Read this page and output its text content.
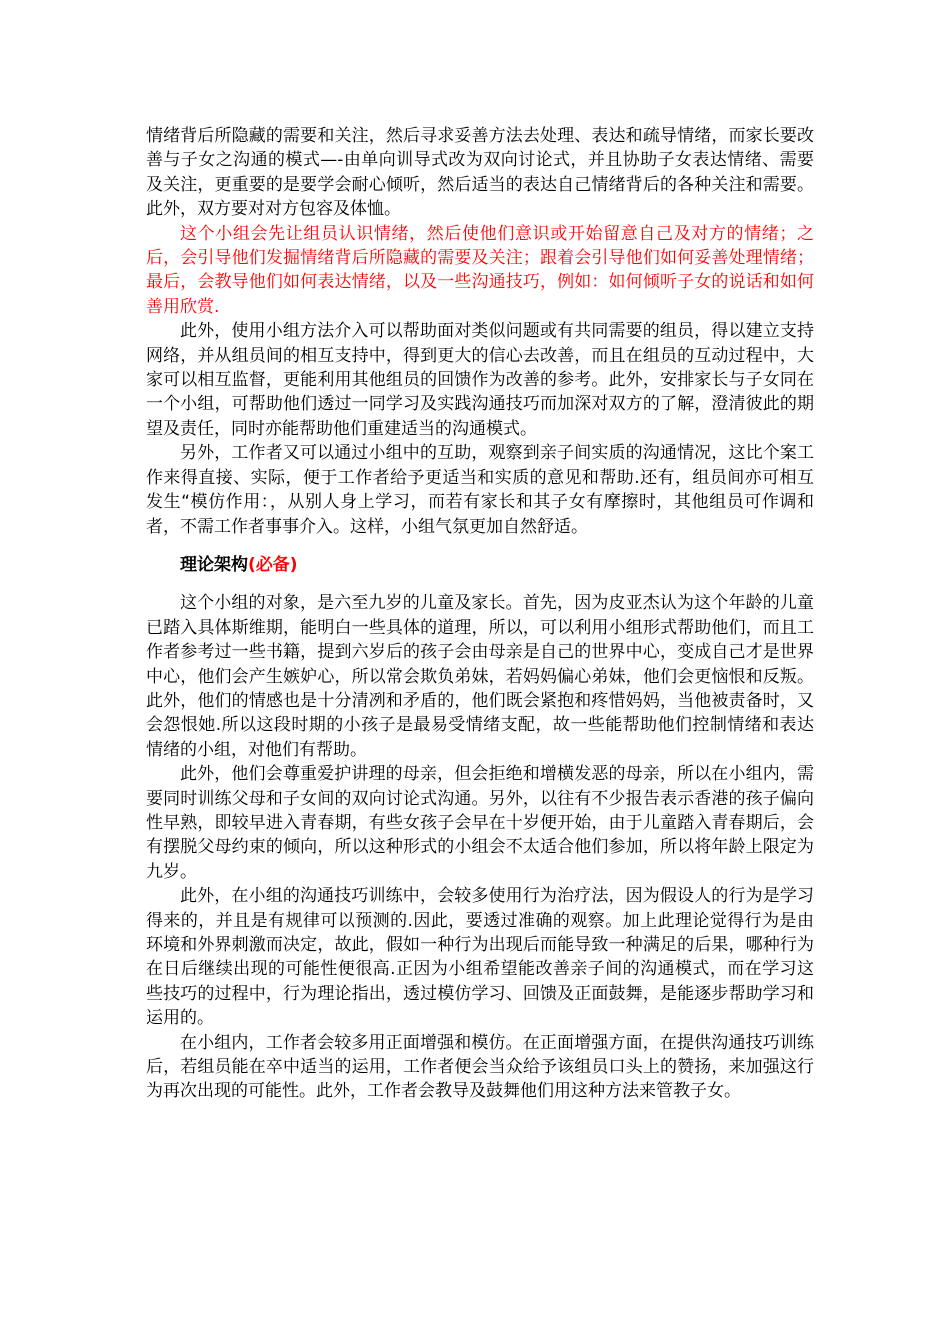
情绪背后所隐藏的需要和关注，然后寻求妥善方法去处理、表达和疏导情绪，而家长要改善与子女之沟通的模式—-由单向训导式改为双向讨论式，并且协助子女表达情绪、需要及关注，更重要的是要学会耐心倾听，然后适当的表达自己情绪背后的各种关注和需要。此外，双方要对对方包容及体恤。

这个小组会先让组员认识情绪，然后使他们意识或开始留意自己及对方的情绪；之后，会引导他们发掘情绪背后所隐藏的需要及关注；跟着会引导他们如何妥善处理情绪；最后，会教导他们如何表达情绪，以及一些沟通技巧，例如：如何倾听子女的说话和如何善用欣赏.

此外，使用小组方法介入可以帮助面对类似问题或有共同需要的组员，得以建立支持网络，并从组员间的相互支持中，得到更大的信心去改善，而且在组员的互动过程中，大家可以相互监督，更能利用其他组员的回馈作为改善的参考。此外，安排家长与子女同在一个小组，可帮助他们透过一同学习及实践沟通技巧而加深对双方的了解，澄清彼此的期望及责任，同时亦能帮助他们重建适当的沟通模式。

另外，工作者又可以通过小组中的互助，观察到亲子间实质的沟通情况，这比个案工作来得直接、实际，便于工作者给予更适当和实质的意见和帮助.还有，组员间亦可相互发生“模仿作用：，从别人身上学习，而若有家长和其子女有摩擦时，其他组员可作调和者，不需工作者事事介入。这样，小组气氛更加自然舒适。

理论架构(必备)

这个小组的对象，是六至九岁的儿童及家长。首先，因为皮亚杰认为这个年龄的儿童已踏入具体斯维期，能明白一些具体的道理，所以，可以利用小组形式帮助他们，而且工作者参考过一些书籍，提到六岁后的孩子会由母亲是自己的世界中心，变成自己才是世界中心，他们会产生嫉妒心，所以常会欺负弟妹，若妈妈偏心弟妹，他们会更恼恨和反叛。此外，他们的情感也是十分清冽和矛盾的，他们既会紧抱和疼惜妈妈，当他被责备时，又会怨恨她.所以这段时期的小孩子是最易受情绪支配，故一些能帮助他们控制情绪和表达情绪的小组，对他们有帮助。

此外，他们会尊重爱护讲理的母亲，但会拒绝和增横发恶的母亲，所以在小组内，需要同时训练父母和子女间的双向讨论式沟通。另外，以往有不少报告表示香港的孩子偏向性早熟，即较早进入青春期，有些女孩子会早在十岁便开始，由于儿童踏入青春期后，会有摆脱父母约束的倾向，所以这种形式的小组会不太适合他们参加，所以将年龄上限定为九岁。

此外，在小组的沟通技巧训练中，会较多使用行为治疗法，因为假设人的行为是学习得来的，并且是有规律可以预测的.因此，要透过准确的观察。加上此理论觉得行为是由环境和外界刺激而决定，故此，假如一种行为出现后而能导致一种满足的后果，哪种行为在日后继续出现的可能性便很高.正因为小组希望能改善亲子间的沟通模式，而在学习这些技巧的过程中，行为理论指出，透过模仿学习、回馈及正面鼓舞，是能逐步帮助学习和运用的。

在小组内，工作者会较多用正面增强和模仿。在正面增强方面，在提供沟通技巧训练后，若组员能在卒中适当的运用，工作者便会当众给予该组员口头上的赞扬，来加强这行为再次出现的可能性。此外，工作者会教导及鼓舞他们用这种方法来管教子女。
